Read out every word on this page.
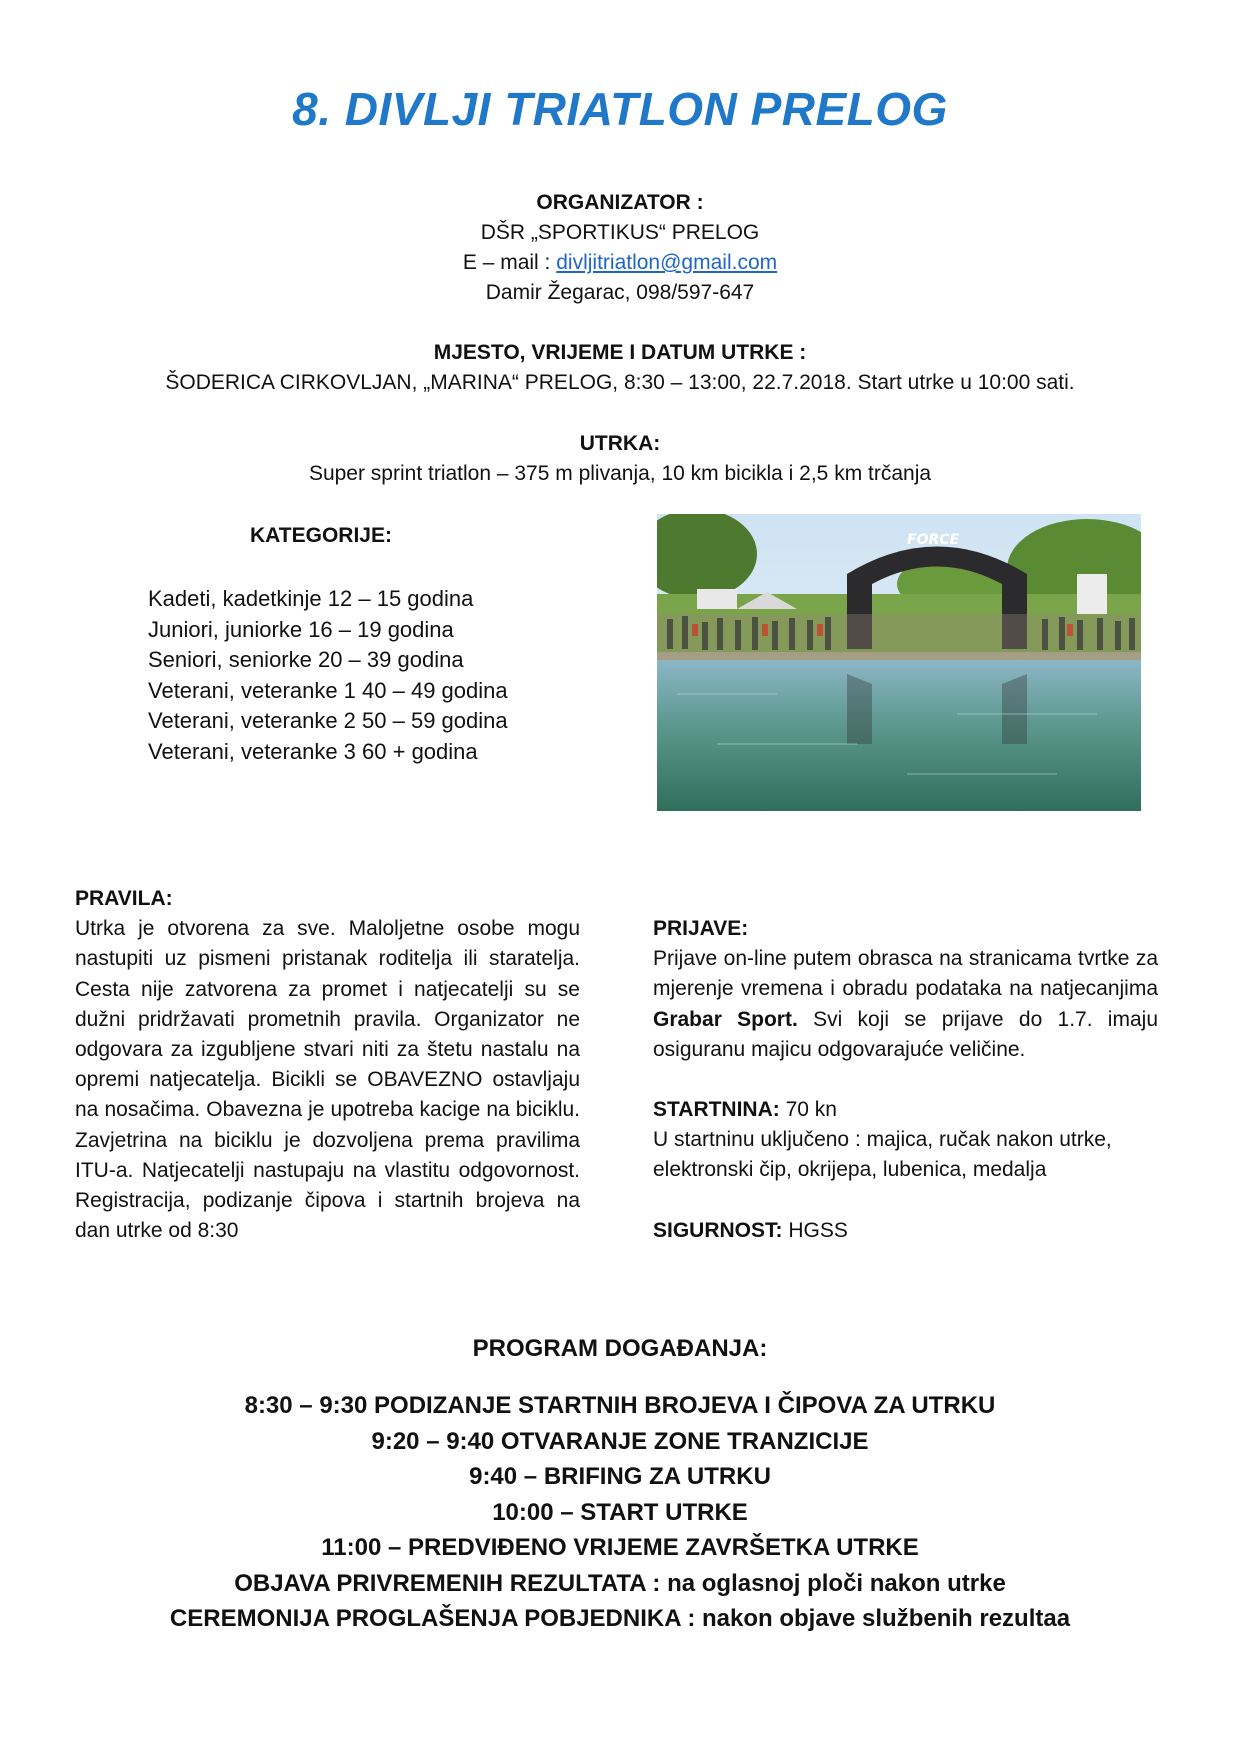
8. DIVLJI TRIATLON PRELOG
ORGANIZATOR :
DŠR „SPORTIKUS“ PRELOG
E – mail : divljitriatlon@gmail.com
Damir Žegarac, 098/597-647
MJESTO, VRIJEME I DATUM UTRKE :
ŠODERICA CIRKOVLJAN, „MARINA“ PRELOG, 8:30 – 13:00, 22.7.2018. Start utrke u 10:00 sati.
UTRKA:
Super sprint triatlon – 375 m plivanja, 10 km bicikla i 2,5 km trčanja
KATEGORIJE:
Kadeti, kadetkinje 12 – 15 godina
Juniori, juniorke 16 – 19 godina
Seniori, seniorke 20 – 39 godina
Veterani, veteranke 1 40 – 49 godina
Veterani, veteranke 2 50 – 59 godina
Veterani, veteranke 3 60 + godina
FORCE
PRAVILA:
Utrka je otvorena za sve. Maloljetne osobe mogu nastupiti uz pismeni pristanak roditelja ili staratelja. Cesta nije zatvorena za promet i natjecatelji su se dužni pridržavati prometnih pravila. Organizator ne odgovara za izgubljene stvari niti za štetu nastalu na opremi natjecatelja. Bicikli se OBAVEZNO ostavljaju na nosačima. Obavezna je upotreba kacige na biciklu. Zavjetrina na biciklu je dozvoljena prema pravilima ITU-a. Natjecatelji nastupaju na vlastitu odgovornost. Registracija, podizanje čipova i startnih brojeva na dan utrke od 8:30
PRIJAVE:
Prijave on-line putem obrasca na stranicama tvrtke za mjerenje vremena i obradu podataka na natjecanjima Grabar Sport. Svi koji se prijave do 1.7. imaju osiguranu majicu odgovarajuće veličine.
STARTNINA: 70 kn
U startninu uključeno : majica, ručak nakon utrke, elektronski čip, okrijepa, lubenica, medalja
SIGURNOST: HGSS
PROGRAM DOGAĐANJA:
8:30 – 9:30 PODIZANJE STARTNIH BROJEVA I ČIPOVA ZA UTRKU
9:20 – 9:40 OTVARANJE ZONE TRANZICIJE
9:40 – BRIFING ZA UTRKU
10:00 – START UTRKE
11:00 – PREDVIĐENO VRIJEME ZAVRŠETKA UTRKE
OBJAVA PRIVREMENIH REZULTATA : na oglasnoj ploči nakon utrke
CEREMONIJA PROGLAŠENJA POBJEDNIKA : nakon objave službenih rezultaa
